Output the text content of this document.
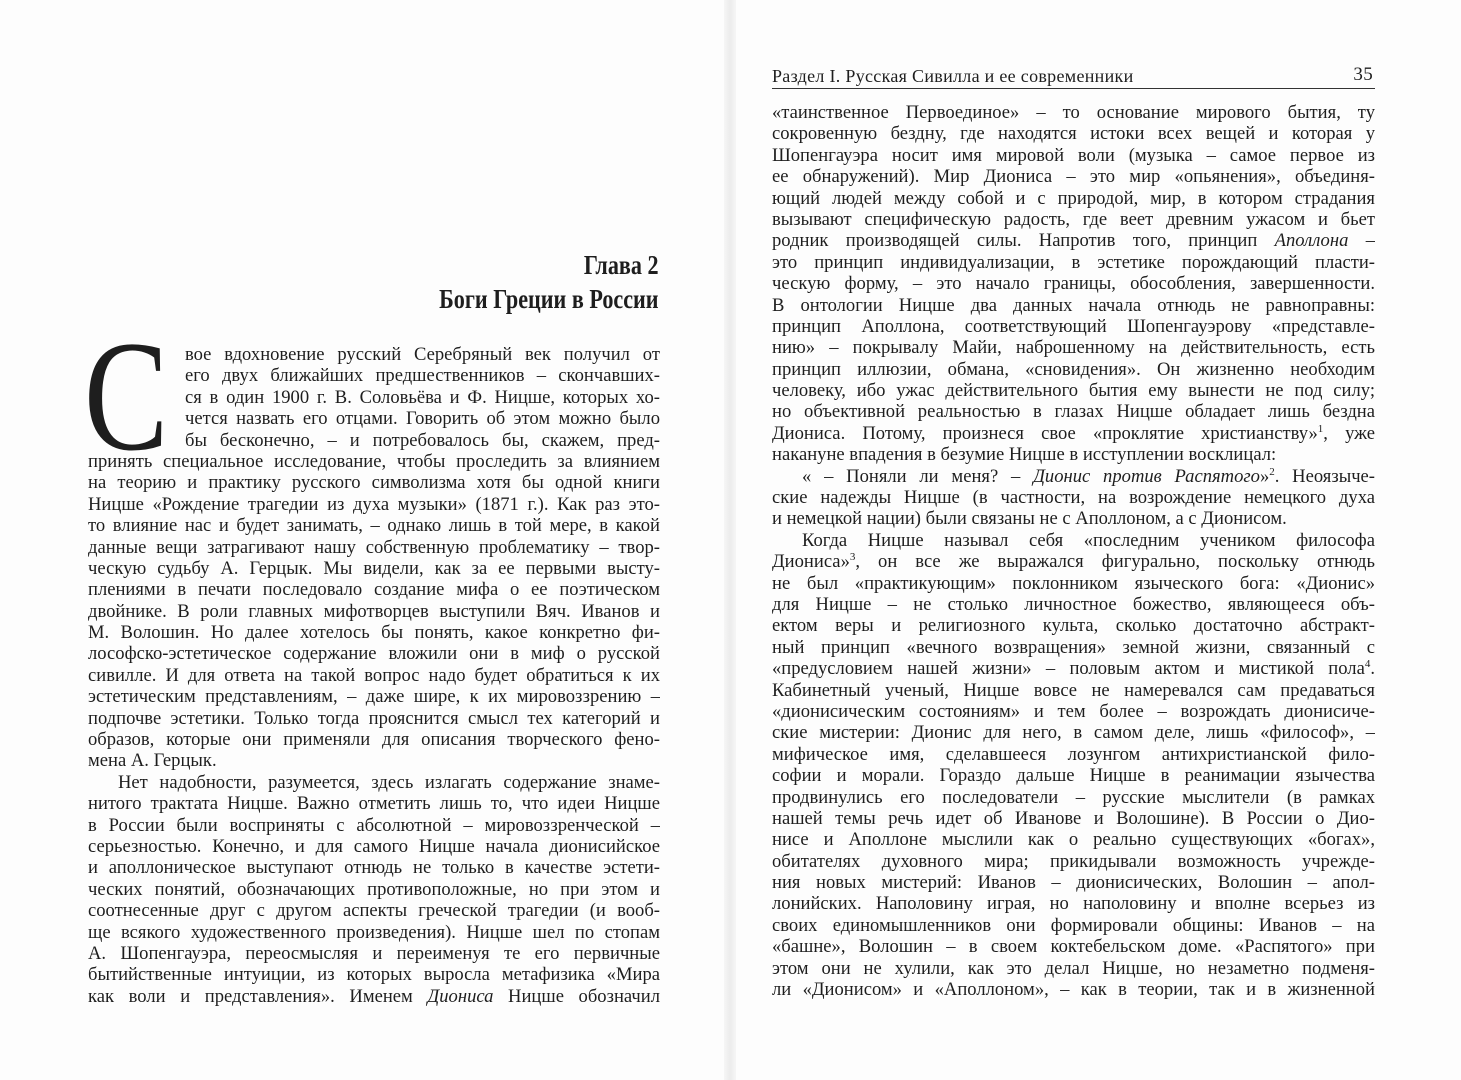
Глава 2
Боги Греции в России
С вое вдохновение русский Серебряный век получил от
его двух ближайших предшественников – скончавших-
ся в один 1900 г. В. Соловьёва и Ф. Ницше, которых хо-
чется назвать его отцами. Говорить об этом можно было
бы бесконечно, – и потребовалось бы, скажем, пред-
принять специальное исследование, чтобы проследить за влиянием
на теорию и практику русского символизма хотя бы одной книги
Ницше «Рождение трагедии из духа музыки» (1871 г.). Как раз это-
то влияние нас и будет занимать, – однако лишь в той мере, в какой
данные вещи затрагивают нашу собственную проблематику – твор-
ческую судьбу А. Герцык. Мы видели, как за ее первыми высту-
плениями в печати последовало создание мифа о ее поэтическом
двойнике. В роли главных мифотворцев выступили Вяч. Иванов и
М. Волошин. Но далее хотелось бы понять, какое конкретно фи-
лософско-эстетическое содержание вложили они в миф о русской
сивилле. И для ответа на такой вопрос надо будет обратиться к их
эстетическим представлениям, – даже шире, к их мировоззрению –
подпочве эстетики. Только тогда прояснится смысл тех категорий и
образов, которые они применяли для описания творческого фено-
мена А. Герцык.
Нет надобности, разумеется, здесь излагать содержание знаме-
нитого трактата Ницше. Важно отметить лишь то, что идеи Ницше
в России были восприняты с абсолютной – мировоззренческой –
серьезностью. Конечно, и для самого Ницше начала дионисийское
и аполлоническое выступают отнюдь не только в качестве эстети-
ческих понятий, обозначающих противоположные, но при этом и
соотнесенные друг с другом аспекты греческой трагедии (и вооб-
ще всякого художественного произведения). Ницше шел по стопам
А. Шопенгауэра, переосмысляя и переименуя те его первичные
бытийственные интуиции, из которых выросла метафизика «Мира
как воли и представления». Именем Диониса Ницше обозначил
Раздел I. Русская Сивилла и ее современники	35
«таинственное Первоединое» – то основание мирового бытия, ту
сокровенную бездну, где находятся истоки всех вещей и которая у
Шопенгауэра носит имя мировой воли (музыка – самое первое из
ее обнаружений). Мир Диониса – это мир «опьянения», объединя-
ющий людей между собой и с природой, мир, в котором страдания
вызывают специфическую радость, где веет древним ужасом и бьет
родник производящей силы. Напротив того, принцип Аполлона –
это принцип индивидуализации, в эстетике порождающий пласти-
ческую форму, – это начало границы, обособления, завершенности.
В онтологии Ницше два данных начала отнюдь не равноправны:
принцип Аполлона, соответствующий Шопенгауэрову «представле-
нию» – покрывалу Майи, наброшенному на действительность, есть
принцип иллюзии, обмана, «сновидения». Он жизненно необходим
человеку, ибо ужас действительного бытия ему вынести не под силу;
но объективной реальностью в глазах Ницше обладает лишь бездна
Диониса. Потому, произнеся свое «проклятие христианству»$^1$, уже
накануне впадения в безумие Ницше в исступлении восклицал:
« – Поняли ли меня? – Дионис против Распятого»$^2$. Неоязыче-
ские надежды Ницше (в частности, на возрождение немецкого духа
и немецкой нации) были связаны не с Аполлоном, а с Дионисом.
Когда Ницше называл себя «последним учеником философа
Диониса»$^3$, он все же выражался фигурально, поскольку отнюдь
не был «практикующим» поклонником языческого бога: «Дионис»
для Ницше – не столько личностное божество, являющееся объ-
ектом веры и религиозного культа, сколько достаточно абстракт-
ный принцип «вечного возвращения» земной жизни, связанный с
«предусловием нашей жизни» – половым актом и мистикой пола$^4$.
Кабинетный ученый, Ницше вовсе не намеревался сам предаваться
«дионисическим состояниям» и тем более – возрождать дионисиче-
ские мистерии: Дионис для него, в самом деле, лишь «философ», –
мифическое имя, сделавшееся лозунгом антихристианской фило-
софии и морали. Гораздо дальше Ницше в реанимации язычества
продвинулись его последователи – русские мыслители (в рамках
нашей темы речь идет об Иванове и Волошине). В России о Дио-
нисе и Аполлоне мыслили как о реально существующих «богах»,
обитателях духовного мира; прикидывали возможность учрежде-
ния новых мистерий: Иванов – дионисических, Волошин – апол-
лонийских. Наполовину играя, но наполовину и вполне всерьез из
своих единомышленников они формировали общины: Иванов – на
«башне», Волошин – в своем коктебельском доме. «Распятого» при
этом они не хулили, как это делал Ницше, но незаметно подменя-
ли «Дионисом» и «Аполлоном», – как в теории, так и в жизненной
